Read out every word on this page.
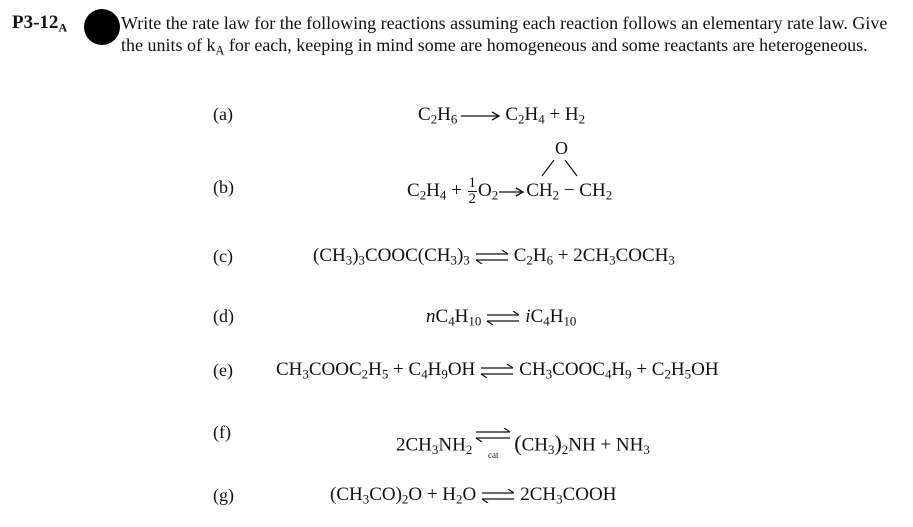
$P3-12_A$	Write the rate law for the following reactions assuming each reaction follows an elementary rate law. Give the units of $k_A$ for each, keeping in mind some are homogeneous and some reactants are heterogeneous.
(a)	$C_2H_6$	$C_2H_4 + H_2$
(b)
O
$C_2H_4 + \frac{1}{2} O_2$ $CH_2 - CH_2$
(c)	$(CH_3)_3COOC(CH_3)_3$ ⇌ $C_2H_6$ + $2CH_3COCH_3$
(d)	$nC_4H_{10}$ ⇌ $iC_4H_{10}$
(e) $CH_3COOC_2H_5 + C_4H_9OH$ ⇌ $CH_3COOC_4H_9 + C_2H_5OH$
(f)
$2CH_3NH_2$ cat $(CH_3)_2NH + NH_3$
(g)	$(CH_3CO)_2O + H_2O$ ⇌ $2CH_3COOH$
